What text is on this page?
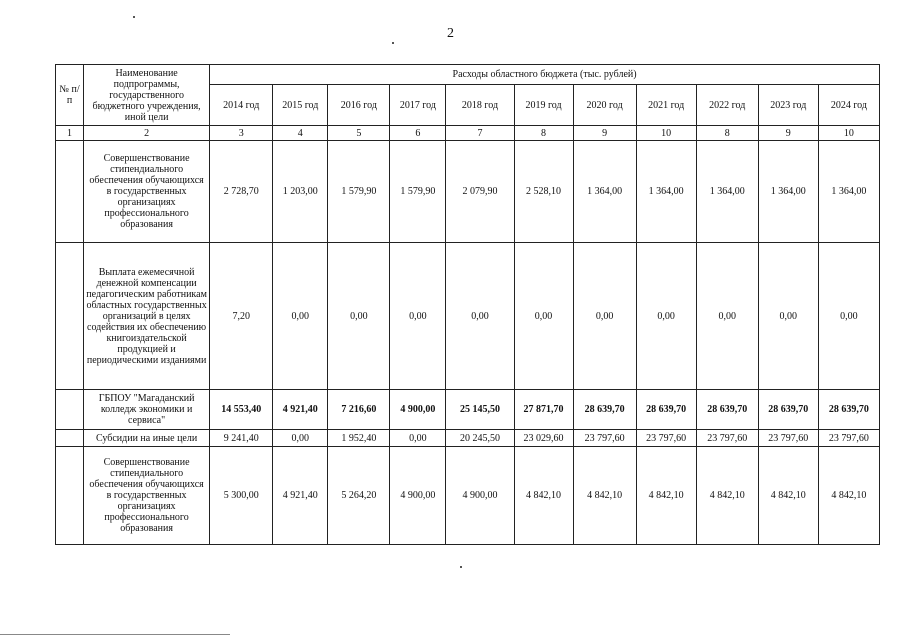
2
№ п/п	Наименование подпрограммы, государственного бюджетного учреждения, иной цели	Расходы областного бюджета (тыс. рублей)										
		2014 год	2015 год	2016 год	2017 год	2018 год	2019 год	2020 год	2021 год	2022 год	2023 год	2024 год
1	2	3	4	5	6	7	8	9	10	8	9	10
	Совершенствование стипендиального обеспечения обучающихся в государственных организациях профессионального образования	2 728,70	1 203,00	1 579,90	1 579,90	2 079,90	2 528,10	1 364,00	1 364,00	1 364,00	1 364,00	1 364,00
	Выплата ежемесячной денежной компенсации педагогическим работникам областных государственных организаций в целях содействия их обеспечению книгоиздательской продукцией и периодическими изданиями	7,20	0,00	0,00	0,00	0,00	0,00	0,00	0,00	0,00	0,00	0,00
	ГБПОУ "Магаданский колледж экономики и сервиса"	14 553,40	4 921,40	7 216,60	4 900,00	25 145,50	27 871,70	28 639,70	28 639,70	28 639,70	28 639,70	28 639,70
	Субсидии на иные цели	9 241,40	0,00	1 952,40	0,00	20 245,50	23 029,60	23 797,60	23 797,60	23 797,60	23 797,60	23 797,60
	Совершенствование стипендиального обеспечения обучающихся в государственных организациях профессионального образования	5 300,00	4 921,40	5 264,20	4 900,00	4 900,00	4 842,10	4 842,10	4 842,10	4 842,10	4 842,10	4 842,10
